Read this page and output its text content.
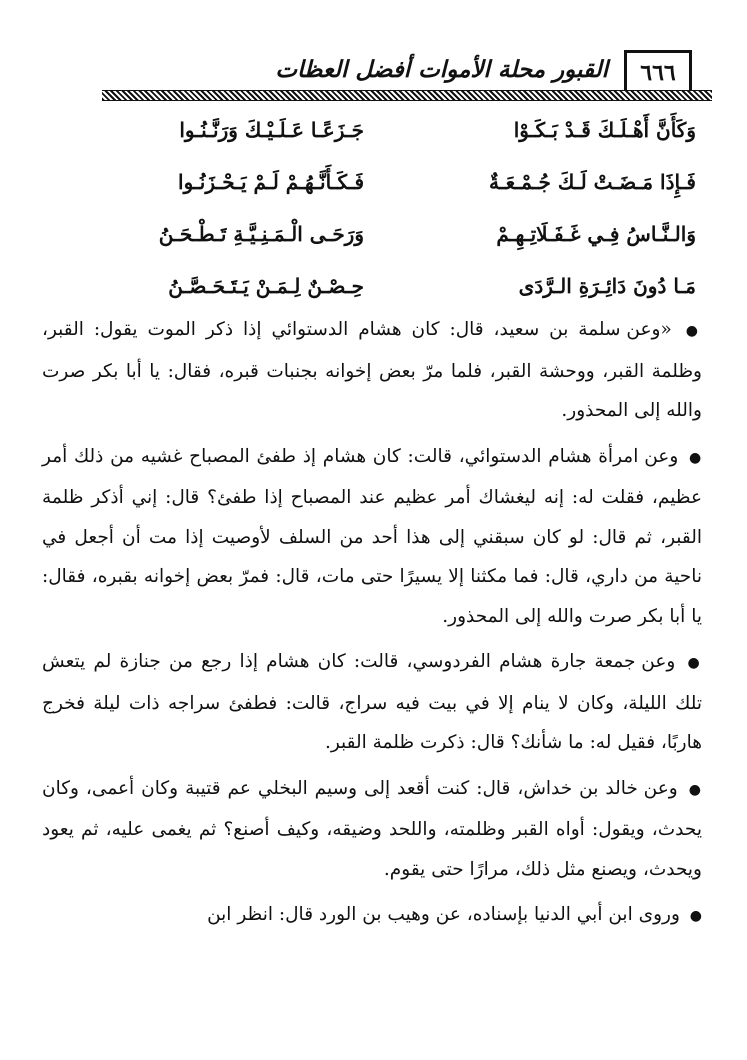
٦٦٦
القبور محلة الأموات أفضل العظات
وَكَأَنَّ أَهْـلَـكَ قَـدْ بَـكَـوْا
جَـزَعًـا عَـلَـيْـكَ وَرَنَّـنُـوا
فَـإِذَا مَـضَـتْ لَـكَ جُـمْـعَـةٌ
فَـكَـأَنَّـهُـمْ لَـمْ يَـحْـزَنُـوا
وَالـنَّـاسُ فِـي غَـفَـلَاتِـهِـمْ
وَرَحَـى الْـمَـنِـيَّـةِ تَـطْـحَـنُ
مَـا دُونَ دَائِـرَةِ الـرَّدَى
حِـصْـنٌ لِـمَـنْ يَـتَـحَـصَّـنُ

● «وعن سلمة بن سعيد، قال: كان هشام الدستوائي إذا ذكر الموت يقول: القبر، وظلمة القبر، ووحشة القبر، فلما مرّ بعض إخوانه بجنبات قبره، فقال: يا أبا بكر صرت والله إلى المحذور.

● وعن امرأة هشام الدستوائي، قالت: كان هشام إذ طفئ المصباح غشيه من ذلك أمر عظيم، فقلت له: إنه ليغشاك أمر عظيم عند المصباح إذا طفئ؟ قال: إني أذكر ظلمة القبر، ثم قال: لو كان سبقني إلى هذا أحد من السلف لأوصيت إذا مت أن أجعل في ناحية من داري، قال: فما مكثنا إلا يسيرًا حتى مات، قال: فمرّ بعض إخوانه بقبره، فقال: يا أبا بكر صرت والله إلى المحذور.

● وعن جمعة جارة هشام الفردوسي، قالت: كان هشام إذا رجع من جنازة لم يتعش تلك الليلة، وكان لا ينام إلا في بيت فيه سراج، قالت: فطفئ سراجه ذات ليلة فخرج هاربًا، فقيل له: ما شأنك؟ قال: ذكرت ظلمة القبر.

● وعن خالد بن خداش، قال: كنت أقعد إلى وسيم البخلي عم قتيبة وكان أعمى، وكان يحدث، ويقول: أواه القبر وظلمته، واللحد وضيقه، وكيف أصنع؟ ثم يغمى عليه، ثم يعود ويحدث، ويصنع مثل ذلك، مرارًا حتى يقوم.

● وروى ابن أبي الدنيا بإسناده، عن وهيب بن الورد قال: انظر ابن
